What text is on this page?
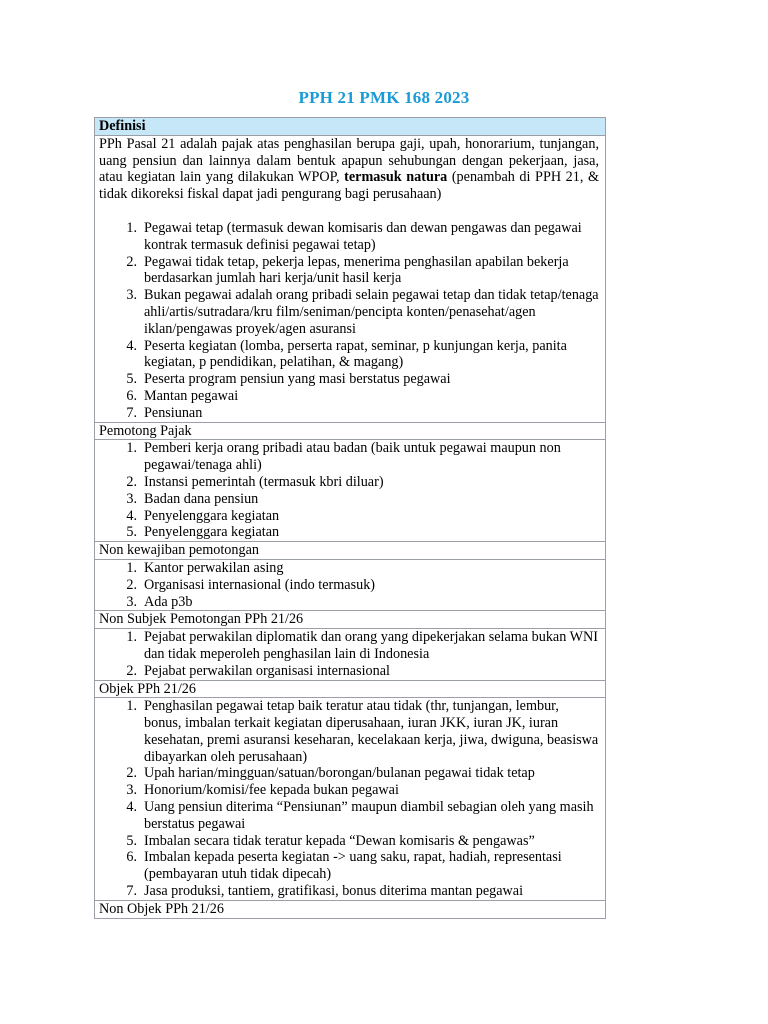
PPH 21 PMK 168 2023
Definisi
PPh Pasal 21 adalah pajak atas penghasilan berupa gaji, upah, honorarium, tunjangan, uang pensiun dan lainnya dalam bentuk apapun sehubungan dengan pekerjaan, jasa, atau kegiatan lain yang dilakukan WPOP, termasuk natura (penambah di PPH 21, & tidak dikoreksi fiskal dapat jadi pengurang bagi perusahaan)
1. Pegawai tetap (termasuk dewan komisaris dan dewan pengawas dan pegawai kontrak termasuk definisi pegawai tetap)
2. Pegawai tidak tetap, pekerja lepas, menerima penghasilan apabilan bekerja berdasarkan jumlah hari kerja/unit hasil kerja
3. Bukan pegawai adalah orang pribadi selain pegawai tetap dan tidak tetap/tenaga ahli/artis/sutradara/kru film/seniman/pencipta konten/penasehat/agen iklan/pengawas proyek/agen asuransi
4. Peserta kegiatan (lomba, perserta rapat, seminar, p kunjungan kerja, panita kegiatan, p pendidikan, pelatihan, & magang)
5. Peserta program pensiun yang masi berstatus pegawai
6. Mantan pegawai
7. Pensiunan
Pemotong Pajak
1. Pemberi kerja orang pribadi atau badan (baik untuk pegawai maupun non pegawai/tenaga ahli)
2. Instansi pemerintah (termasuk kbri diluar)
3. Badan dana pensiun
4. Penyelenggara kegiatan
5. Penyelenggara kegiatan
Non kewajiban pemotongan
1. Kantor perwakilan asing
2. Organisasi internasional (indo termasuk)
3. Ada p3b
Non Subjek Pemotongan PPh 21/26
1. Pejabat perwakilan diplomatik dan orang yang dipekerjakan selama bukan WNI dan tidak meperoleh penghasilan lain di Indonesia
2. Pejabat perwakilan organisasi internasional
Objek PPh 21/26
1. Penghasilan pegawai tetap baik teratur atau tidak (thr, tunjangan, lembur, bonus, imbalan terkait kegiatan diperusahaan, iuran JKK, iuran JK, iuran kesehatan, premi asuransi keseharan, kecelakaan kerja, jiwa, dwiguna, beasiswa dibayarkan oleh perusahaan)
2. Upah harian/mingguan/satuan/borongan/bulanan pegawai tidak tetap
3. Honorium/komisi/fee kepada bukan pegawai
4. Uang pensiun diterima “Pensiunan” maupun diambil sebagian oleh yang masih berstatus pegawai
5. Imbalan secara tidak teratur kepada “Dewan komisaris & pengawas”
6. Imbalan kepada peserta kegiatan -> uang saku, rapat, hadiah, representasi (pembayaran utuh tidak dipecah)
7. Jasa produksi, tantiem, gratifikasi, bonus diterima mantan pegawai
Non Objek PPh 21/26
